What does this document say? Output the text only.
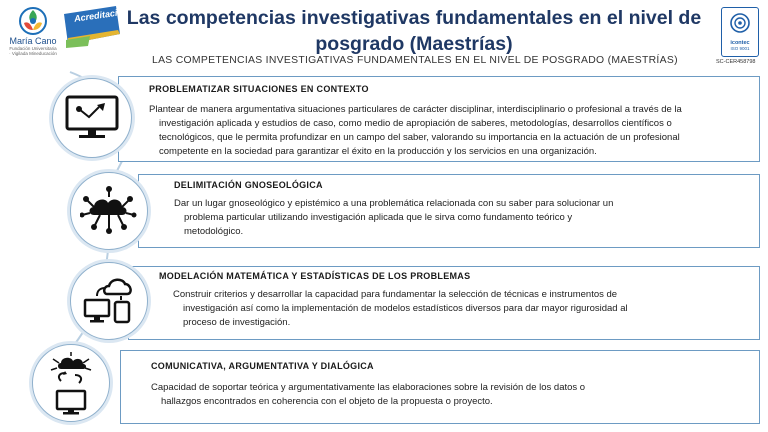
María Cano
Fundación Universitaria · Vigilada Mineducación
Acreditación
Las competencias investigativas fundamentales en el nivel de
posgrado (Maestrías)
LAS COMPETENCIAS INVESTIGATIVAS FUNDAMENTALES EN EL NIVEL DE POSGRADO (MAESTRÍAS)
icontec
ISO 9001
SC-CER458798
PROBLEMATIZAR SITUACIONES EN CONTEXTO
Plantear de manera argumentativa situaciones particulares de carácter disciplinar, interdisciplinario o profesional a través de la
investigación aplicada y estudios de caso, como medio de apropiación de saberes, metodologías, desarrollos científicos o
tecnológicos, que le permita profundizar en un campo del saber, valorando su importancia en la actuación de un profesional
competente en la sociedad para garantizar el éxito en la producción y los servicios en una organización.
DELIMITACIÓN GNOSEOLÓGICA
Dar un lugar gnoseológico y epistémico a una problemática relacionada con su saber para solucionar un
problema particular utilizando investigación aplicada que le sirva como fundamento teórico y
metodológico.
MODELACIÓN MATEMÁTICA Y ESTADÍSTICAS DE LOS PROBLEMAS
Construir criterios y desarrollar la capacidad para fundamentar la selección de técnicas e instrumentos de
investigación así como la implementación de modelos estadísticos diversos para dar mayor rigurosidad al
proceso de investigación.
COMUNICATIVA, ARGUMENTATIVA Y DIALÓGICA
Capacidad de soportar teórica y argumentativamente las elaboraciones sobre la revisión de los datos o
hallazgos encontrados en coherencia con el objeto de la propuesta o proyecto.
